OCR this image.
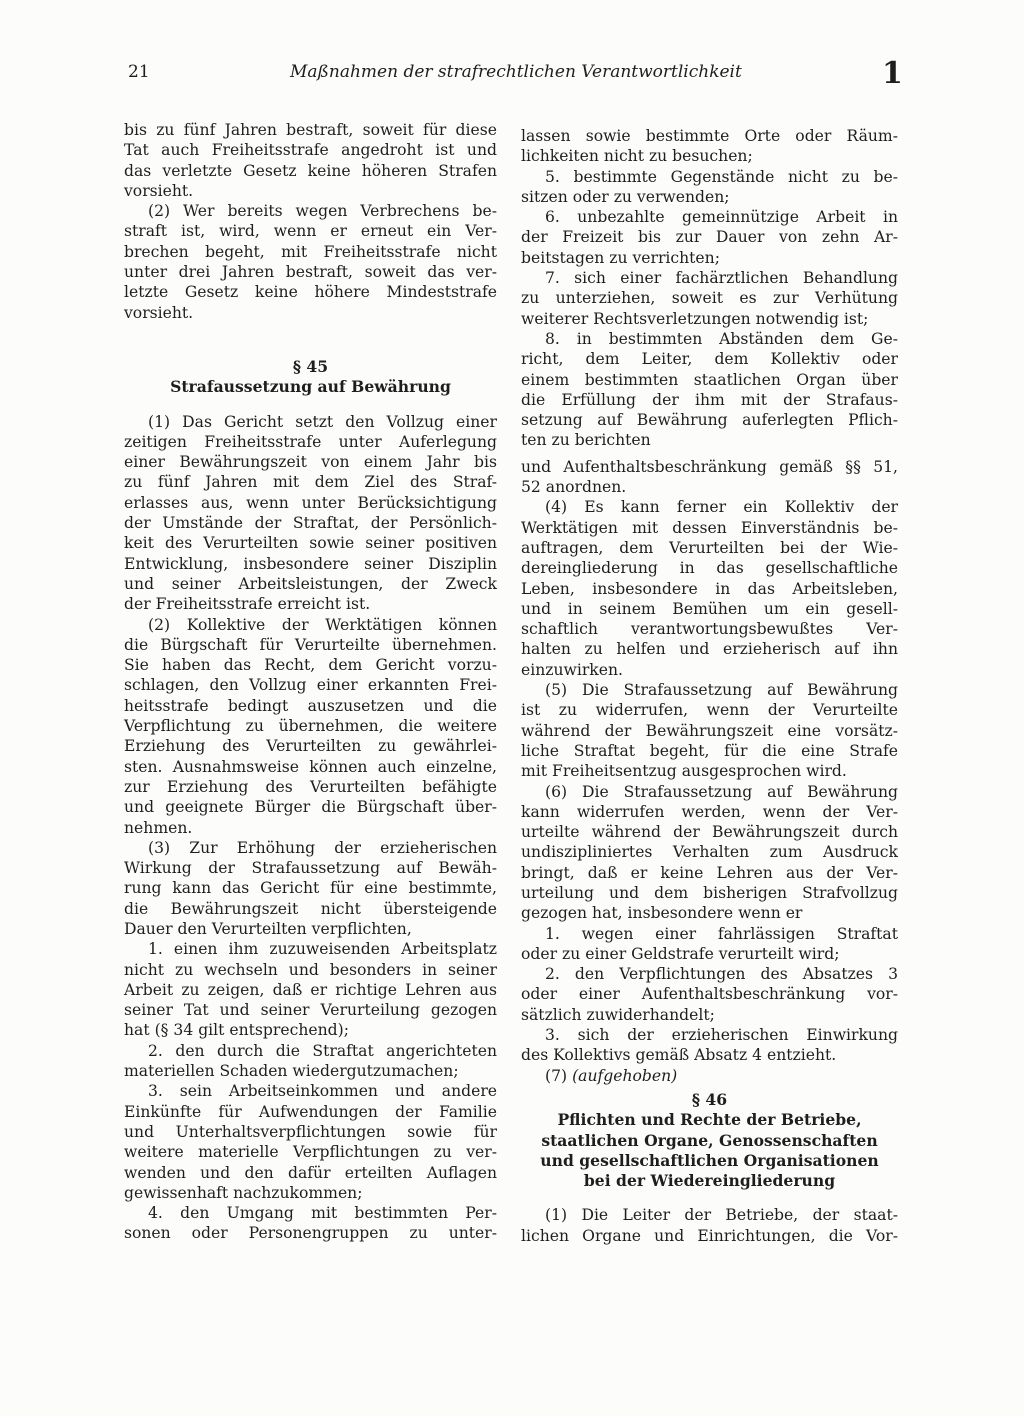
21	Maßnahmen der strafrechtlichen Verantwortlichkeit	1
bis zu fünf Jahren bestraft, soweit für diese
Tat auch Freiheitsstrafe angedroht ist und
das verletzte Gesetz keine höheren Strafen
vorsieht.
(2) Wer bereits wegen Verbrechens be-
straft ist, wird, wenn er erneut ein Ver-
brechen begeht, mit Freiheitsstrafe nicht
unter drei Jahren bestraft, soweit das ver-
letzte Gesetz keine höhere Mindeststrafe
vorsieht.

§ 45

Strafaussetzung auf Bewährung

(1) Das Gericht setzt den Vollzug einer
zeitigen Freiheitsstrafe unter Auferlegung
einer Bewährungszeit von einem Jahr bis
zu fünf Jahren mit dem Ziel des Straf-
erlasses aus, wenn unter Berücksichtigung
der Umstände der Straftat, der Persönlich-
keit des Verurteilten sowie seiner positiven
Entwicklung, insbesondere seiner Disziplin
und seiner Arbeitsleistungen, der Zweck
der Freiheitsstrafe erreicht ist.
(2) Kollektive der Werktätigen können
die Bürgschaft für Verurteilte übernehmen.
Sie haben das Recht, dem Gericht vorzu-
schlagen, den Vollzug einer erkannten Frei-
heitsstrafe bedingt auszusetzen und die
Verpflichtung zu übernehmen, die weitere
Erziehung des Verurteilten zu gewährlei-
sten. Ausnahmsweise können auch einzelne,
zur Erziehung des Verurteilten befähigte
und geeignete Bürger die Bürgschaft über-
nehmen.
(3) Zur Erhöhung der erzieherischen
Wirkung der Strafaussetzung auf Bewäh-
rung kann das Gericht für eine bestimmte,
die Bewährungszeit nicht übersteigende
Dauer den Verurteilten verpflichten,
1. einen ihm zuzuweisenden Arbeitsplatz
nicht zu wechseln und besonders in seiner
Arbeit zu zeigen, daß er richtige Lehren aus
seiner Tat und seiner Verurteilung gezogen
hat (§ 34 gilt entsprechend);
2. den durch die Straftat angerichteten
materiellen Schaden wiedergutzumachen;
3. sein Arbeitseinkommen und andere
Einkünfte für Aufwendungen der Familie
und Unterhaltsverpflichtungen sowie für
weitere materielle Verpflichtungen zu ver-
wenden und den dafür erteilten Auflagen
gewissenhaft nachzukommen;
4. den Umgang mit bestimmten Per-
sonen oder Personengruppen zu unter-
lassen sowie bestimmte Orte oder Räum-
lichkeiten nicht zu besuchen;
5. bestimmte Gegenstände nicht zu be-
sitzen oder zu verwenden;
6. unbezahlte gemeinnützige Arbeit in
der Freizeit bis zur Dauer von zehn Ar-
beitstagen zu verrichten;
7. sich einer fachärztlichen Behandlung
zu unterziehen, soweit es zur Verhütung
weiterer Rechtsverletzungen notwendig ist;
8. in bestimmten Abständen dem Ge-
richt, dem Leiter, dem Kollektiv oder
einem bestimmten staatlichen Organ über
die Erfüllung der ihm mit der Strafaus-
setzung auf Bewährung auferlegten Pflich-
ten zu berichten
und Aufenthaltsbeschränkung gemäß §§ 51,
52 anordnen.
(4) Es kann ferner ein Kollektiv der
Werktätigen mit dessen Einverständnis be-
auftragen, dem Verurteilten bei der Wie-
dereingliederung in das gesellschaftliche
Leben, insbesondere in das Arbeitsleben,
und in seinem Bemühen um ein gesell-
schaftlich verantwortungsbewußtes Ver-
halten zu helfen und erzieherisch auf ihn
einzuwirken.
(5) Die Strafaussetzung auf Bewährung
ist zu widerrufen, wenn der Verurteilte
während der Bewährungszeit eine vorsätz-
liche Straftat begeht, für die eine Strafe
mit Freiheitsentzug ausgesprochen wird.
(6) Die Strafaussetzung auf Bewährung
kann widerrufen werden, wenn der Ver-
urteilte während der Bewährungszeit durch
undiszipliniertes Verhalten zum Ausdruck
bringt, daß er keine Lehren aus der Ver-
urteilung und dem bisherigen Strafvollzug
gezogen hat, insbesondere wenn er
1. wegen einer fahrlässigen Straftat
oder zu einer Geldstrafe verurteilt wird;
2. den Verpflichtungen des Absatzes 3
oder einer Aufenthaltsbeschränkung vor-
sätzlich zuwiderhandelt;
3. sich der erzieherischen Einwirkung
des Kollektivs gemäß Absatz 4 entzieht.

(7) (aufgehoben)

§ 46

Pflichten und Rechte der Betriebe,
staatlichen Organe, Genossenschaften
und gesellschaftlichen Organisationen
bei der Wiedereingliederung
(1) Die Leiter der Betriebe, der staat-
lichen Organe und Einrichtungen, die Vor-
